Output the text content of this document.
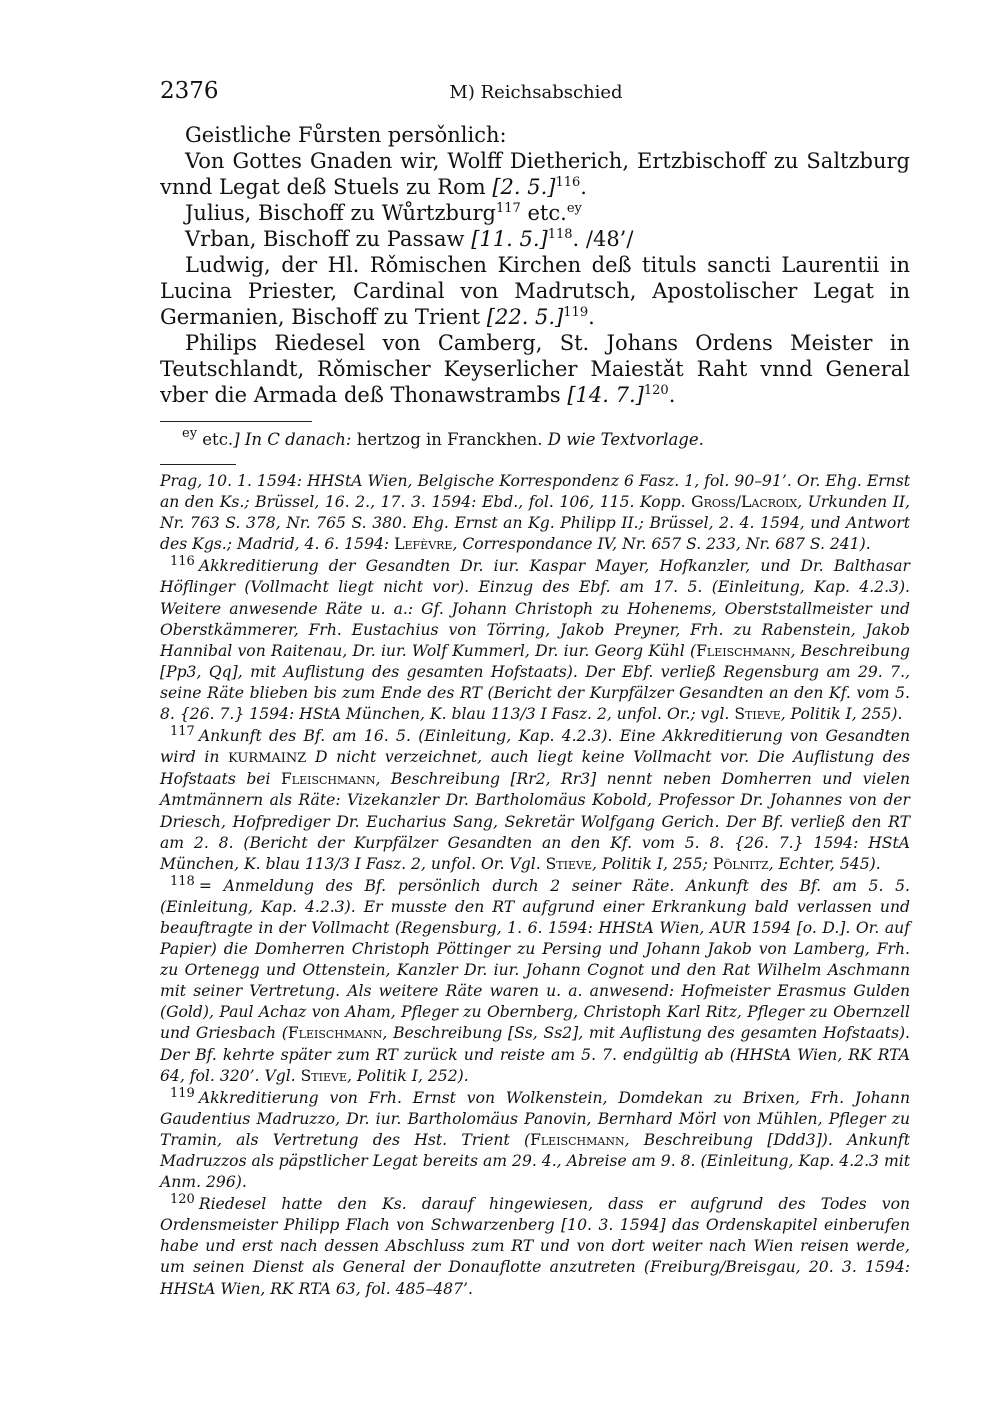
2376	M) Reichsabschied

Geistliche Fůrsten persǒnlich:

Von Gottes Gnaden wir, Wolff Dietherich, Ertzbischoff zu Saltzburg vnnd Legat deß Stuels zu Rom [2. 5.]$^{116}$.

Julius, Bischoff zu Wůrtzburg$^{117}$ etc.$^{ey}$

Vrban, Bischoff zu Passaw [11. 5.]$^{118}$. /48’/

Ludwig, der Hl. Rǒmischen Kirchen deß tituls sancti Laurentii in Lucina Priester, Cardinal von Madrutsch, Apostolischer Legat in Germanien, Bischoff zu Trient [22. 5.]$^{119}$.

Philips Riedesel von Camberg, St. Johans Ordens Meister in Teutschlandt, Rǒmischer Keyserlicher Maiestǎt Raht vnnd General vber die Armada deß Thonawstrambs [14. 7.]$^{120}$.

$^{ey}$ etc.] In C danach: hertzog in Franckhen. D wie Textvorlage.

Prag, 10. 1. 1594: HHStA Wien, Belgische Korrespondenz 6 Fasz. 1, fol. 90–91’. Or. Ehg. Ernst an den Ks.; Brüssel, 16. 2., 17. 3. 1594: Ebd., fol. 106, 115. Kopp. Gross/Lacroix, Urkunden II, Nr. 763 S. 378, Nr. 765 S. 380. Ehg. Ernst an Kg. Philipp II.; Brüssel, 2. 4. 1594, und Antwort des Kgs.; Madrid, 4. 6. 1594: Lefèvre, Correspondance IV, Nr. 657 S. 233, Nr. 687 S. 241).

$^{116}$ Akkreditierung der Gesandten Dr. iur. Kaspar Mayer, Hofkanzler, und Dr. Balthasar Höflinger (Vollmacht liegt nicht vor). Einzug des Ebf. am 17. 5. (Einleitung, Kap. 4.2.3). Weitere anwesende Räte u. a.: Gf. Johann Christoph zu Hohenems, Oberststallmeister und Oberstkämmerer, Frh. Eustachius von Törring, Jakob Preyner, Frh. zu Rabenstein, Jakob Hannibal von Raitenau, Dr. iur. Wolf Kummerl, Dr. iur. Georg Kühl (Fleischmann, Beschreibung [Pp3, Qq], mit Auflistung des gesamten Hofstaats). Der Ebf. verließ Regensburg am 29. 7., seine Räte blieben bis zum Ende des RT (Bericht der Kurpfälzer Gesandten an den Kf. vom 5. 8. {26. 7.} 1594: HStA München, K. blau 113/3 I Fasz. 2, unfol. Or.; vgl. Stieve, Politik I, 255).

$^{117}$ Ankunft des Bf. am 16. 5. (Einleitung, Kap. 4.2.3). Eine Akkreditierung von Gesandten wird in KURMAINZ D nicht verzeichnet, auch liegt keine Vollmacht vor. Die Auflistung des Hofstaats bei Fleischmann, Beschreibung [Rr2, Rr3] nennt neben Domherren und vielen Amtmännern als Räte: Vizekanzler Dr. Bartholomäus Kobold, Professor Dr. Johannes von der Driesch, Hofprediger Dr. Eucharius Sang, Sekretär Wolfgang Gerich. Der Bf. verließ den RT am 2. 8. (Bericht der Kurpfälzer Gesandten an den Kf. vom 5. 8. {26. 7.} 1594: HStA München, K. blau 113/3 I Fasz. 2, unfol. Or. Vgl. Stieve, Politik I, 255; Pölnitz, Echter, 545).

$^{118}$ = Anmeldung des Bf. persönlich durch 2 seiner Räte. Ankunft des Bf. am 5. 5. (Einleitung, Kap. 4.2.3). Er musste den RT aufgrund einer Erkrankung bald verlassen und beauftragte in der Vollmacht (Regensburg, 1. 6. 1594: HHStA Wien, AUR 1594 [o. D.]. Or. auf Papier) die Domherren Christoph Pöttinger zu Persing und Johann Jakob von Lamberg, Frh. zu Ortenegg und Ottenstein, Kanzler Dr. iur. Johann Cognot und den Rat Wilhelm Aschmann mit seiner Vertretung. Als weitere Räte waren u. a. anwesend: Hofmeister Erasmus Gulden (Gold), Paul Achaz von Aham, Pfleger zu Obernberg, Christoph Karl Ritz, Pfleger zu Obernzell und Griesbach (Fleischmann, Beschreibung [Ss, Ss2], mit Auflistung des gesamten Hofstaats). Der Bf. kehrte später zum RT zurück und reiste am 5. 7. endgültig ab (HHStA Wien, RK RTA 64, fol. 320’. Vgl. Stieve, Politik I, 252).

$^{119}$ Akkreditierung von Frh. Ernst von Wolkenstein, Domdekan zu Brixen, Frh. Johann Gaudentius Madruzzo, Dr. iur. Bartholomäus Panovin, Bernhard Mörl von Mühlen, Pfleger zu Tramin, als Vertretung des Hst. Trient (Fleischmann, Beschreibung [Ddd3]). Ankunft Madruzzos als päpstlicher Legat bereits am 29. 4., Abreise am 9. 8. (Einleitung, Kap. 4.2.3 mit Anm. 296).

$^{120}$ Riedesel hatte den Ks. darauf hingewiesen, dass er aufgrund des Todes von Ordensmeister Philipp Flach von Schwarzenberg [10. 3. 1594] das Ordenskapitel einberufen habe und erst nach dessen Abschluss zum RT und von dort weiter nach Wien reisen werde, um seinen Dienst als General der Donauflotte anzutreten (Freiburg/Breisgau, 20. 3. 1594: HHStA Wien, RK RTA 63, fol. 485–487’.
